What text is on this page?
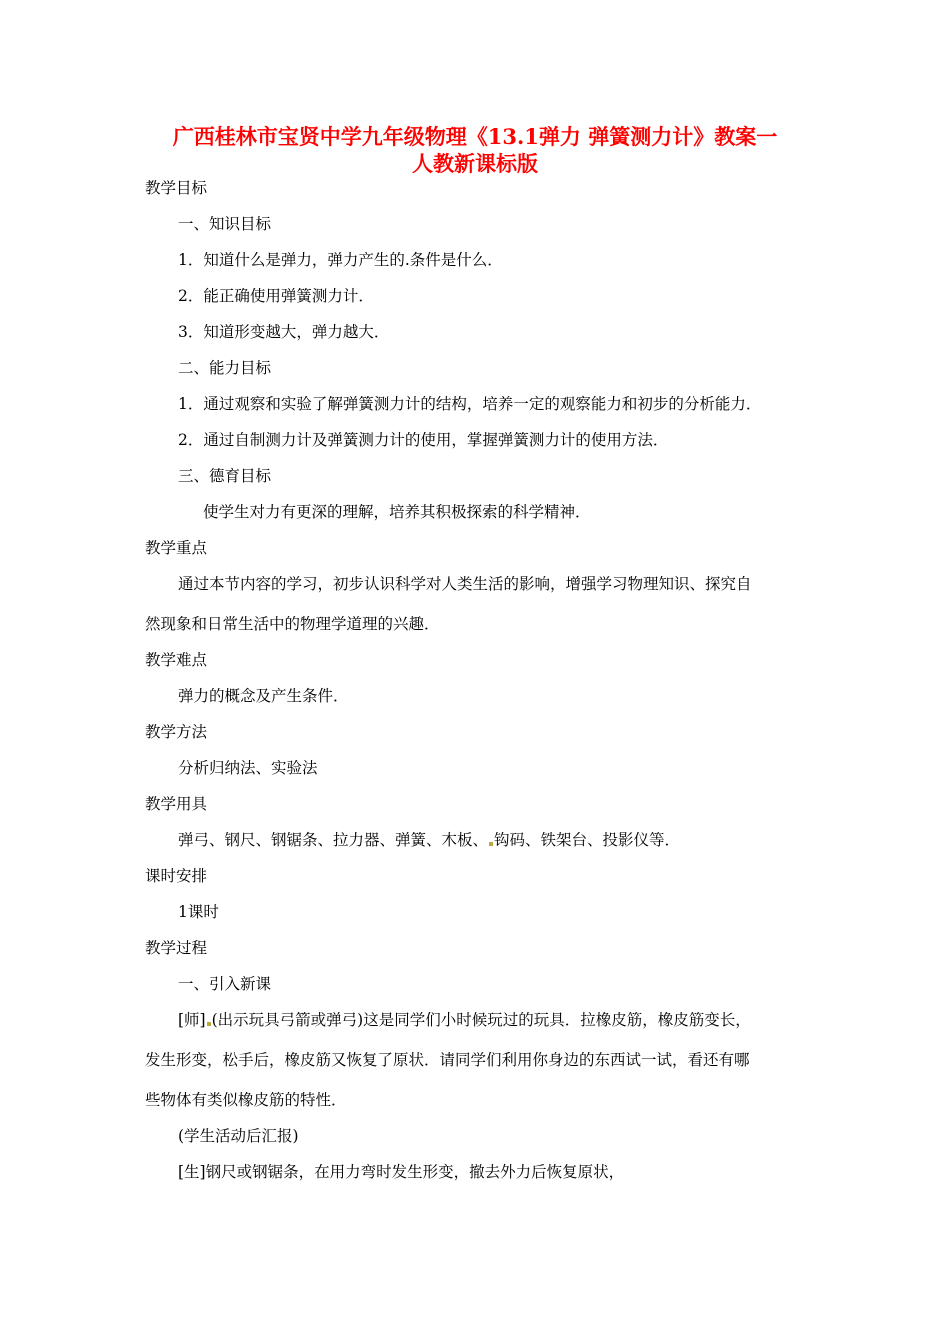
广西桂林市宝贤中学九年级物理《13.1弹力 弹簧测力计》教案一
人教新课标版

教学目标

一、知识目标

1．知道什么是弹力，弹力产生的.条件是什么．

2．能正确使用弹簧测力计．

3．知道形变越大，弹力越大．

二、能力目标

1．通过观察和实验了解弹簧测力计的结构，培养一定的观察能力和初步的分析能力．

2．通过自制测力计及弹簧测力计的使用，掌握弹簧测力计的使用方法．

三、德育目标

使学生对力有更深的理解，培养其积极探索的科学精神．

教学重点

通过本节内容的学习，初步认识科学对人类生活的影响，增强学习物理知识、探究自

然现象和日常生活中的物理学道理的兴趣．

教学难点

弹力的概念及产生条件．

教学方法

分析归纳法、实验法

教学用具

弹弓、钢尺、钢锯条、拉力器、弹簧、木板、 钩码、铁架台、投影仪等．

课时安排

1课时

教学过程

一、引入新课

[师] (出示玩具弓箭或弹弓)这是同学们小时候玩过的玩具．拉橡皮筋，橡皮筋变长，

发生形变，松手后，橡皮筋又恢复了原状．请同学们利用你身边的东西试一试，看还有哪

些物体有类似橡皮筋的特性．

(学生活动后汇报)

[生]钢尺或钢锯条，在用力弯时发生形变，撤去外力后恢复原状，
